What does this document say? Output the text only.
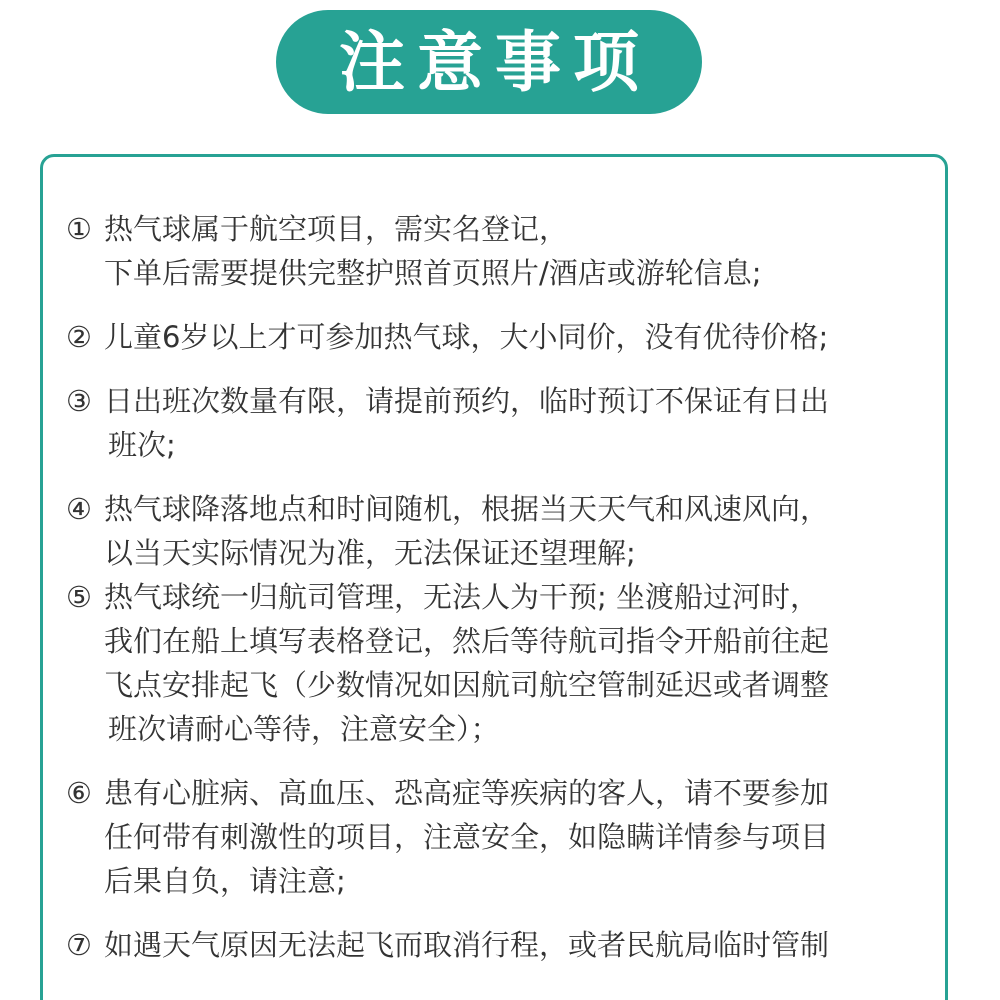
注意事项
① 热气球属于航空项目，需实名登记，
下单后需要提供完整护照首页照片/酒店或游轮信息;
② 儿童6岁以上才可参加热气球，大小同价，没有优待价格;
③ 日出班次数量有限，请提前预约，临时预订不保证有日出
班次;
④ 热气球降落地点和时间随机，根据当天天气和风速风向，
以当天实际情况为准，无法保证还望理解;
⑤ 热气球统一归航司管理，无法人为干预; 坐渡船过河时，
我们在船上填写表格登记，然后等待航司指令开船前往起
飞点安排起飞（少数情况如因航司航空管制延迟或者调整
班次请耐心等待，注意安全）；
⑥ 患有心脏病、高血压、恐高症等疾病的客人，请不要参加
任何带有刺激性的项目，注意安全，如隐瞒详情参与项目
后果自负，请注意;
⑦ 如遇天气原因无法起飞而取消行程，或者民航局临时管制
